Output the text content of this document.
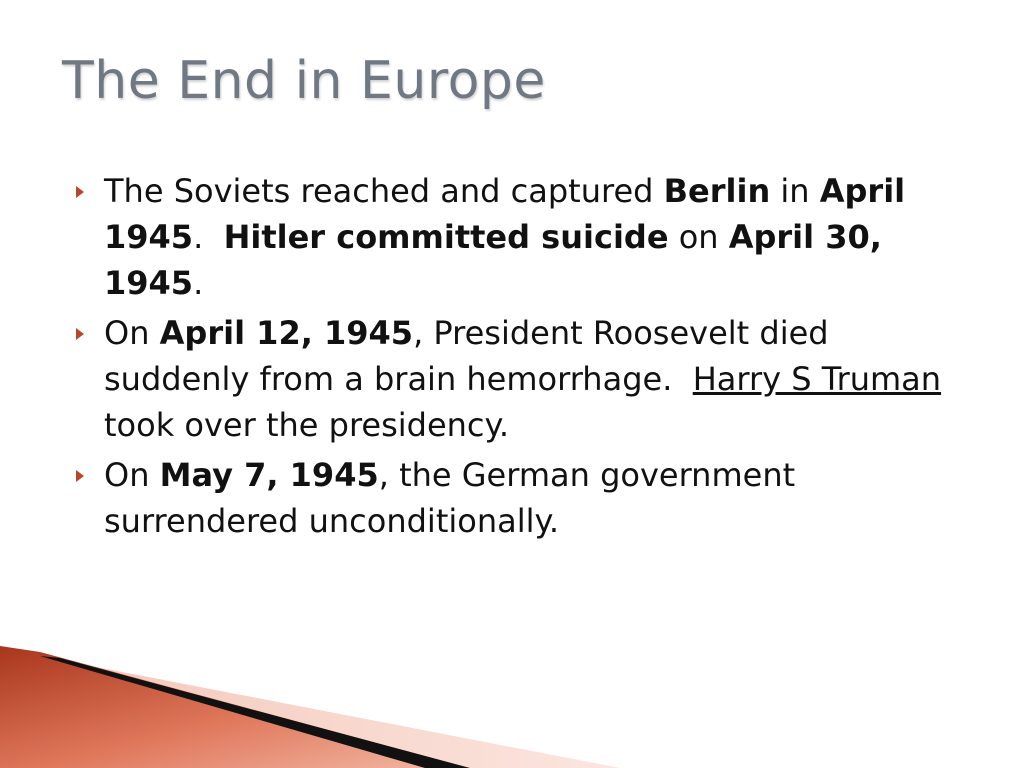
The End in Europe
The Soviets reached and captured Berlin in April 1945.  Hitler committed suicide on April 30, 1945.
On April 12, 1945, President Roosevelt died suddenly from a brain hemorrhage.  Harry S Truman took over the presidency.
On May 7, 1945, the German government surrendered unconditionally.
